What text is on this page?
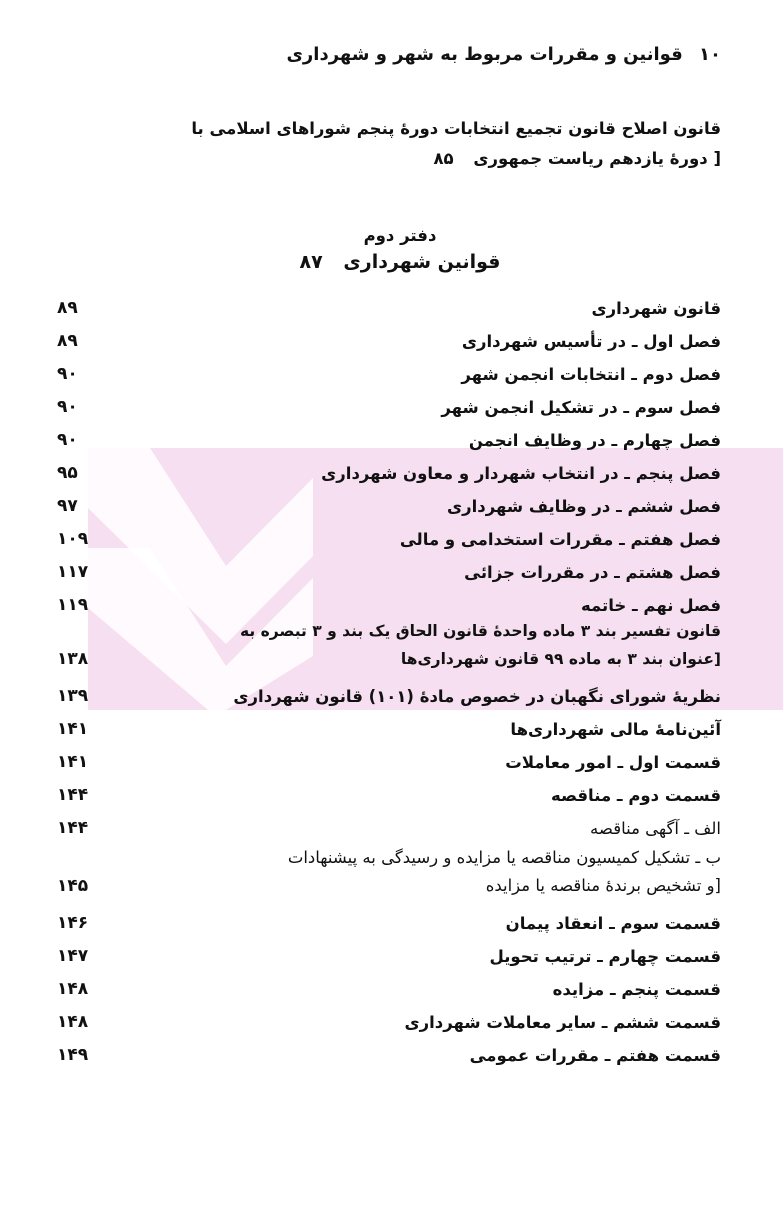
۱۰ قوانین و مقررات مربوط به شهر و شهرداری
قانون اصلاح قانون تجمیع انتخابات دورهٔ پنجم شوراهای اسلامی با
[ دورهٔ یازدهم ریاست جمهوری ۸۵
دفتر دوم
قوانین شهرداری ۸۷
قانون شهرداری
۸۹
فصل اول ـ در تأسیس شهرداری
۸۹
فصل دوم ـ انتخابات انجمن شهر
۹۰
فصل سوم ـ در تشکیل انجمن شهر
۹۰
فصل چهارم ـ در وظایف انجمن
۹۰
فصل پنجم ـ در انتخاب شهردار و معاون شهرداری
۹۵
فصل ششم ـ در وظایف شهرداری
۹۷
فصل هفتم ـ مقررات استخدامی و مالی
۱۰۹
فصل هشتم ـ در مقررات جزائی
۱۱۷
فصل نهم ـ خاتمه
۱۱۹
قانون تفسیر بند ۳ ماده واحدهٔ قانون الحاق یک بند و ۳ تبصره به
[عنوان بند ۳ به ماده ۹۹ قانون شهرداری‌ها
۱۳۸
نظریهٔ شورای نگهبان در خصوص مادهٔ (۱۰۱) قانون شهرداری
۱۳۹
آئین‌نامهٔ مالی شهرداری‌ها
۱۴۱
قسمت اول ـ امور معاملات
۱۴۱
قسمت دوم ـ مناقصه
۱۴۴
الف ـ آگهی مناقصه
۱۴۴
ب ـ تشکیل کمیسیون مناقصه یا مزایده و رسیدگی به پیشنهادات
[و تشخیص برندهٔ مناقصه یا مزایده
۱۴۵
قسمت سوم ـ انعقاد پیمان
۱۴۶
قسمت چهارم ـ ترتیب تحویل
۱۴۷
قسمت پنجم ـ مزایده
۱۴۸
قسمت ششم ـ سایر معاملات شهرداری
۱۴۸
قسمت هفتم ـ مقررات عمومی
۱۴۹
